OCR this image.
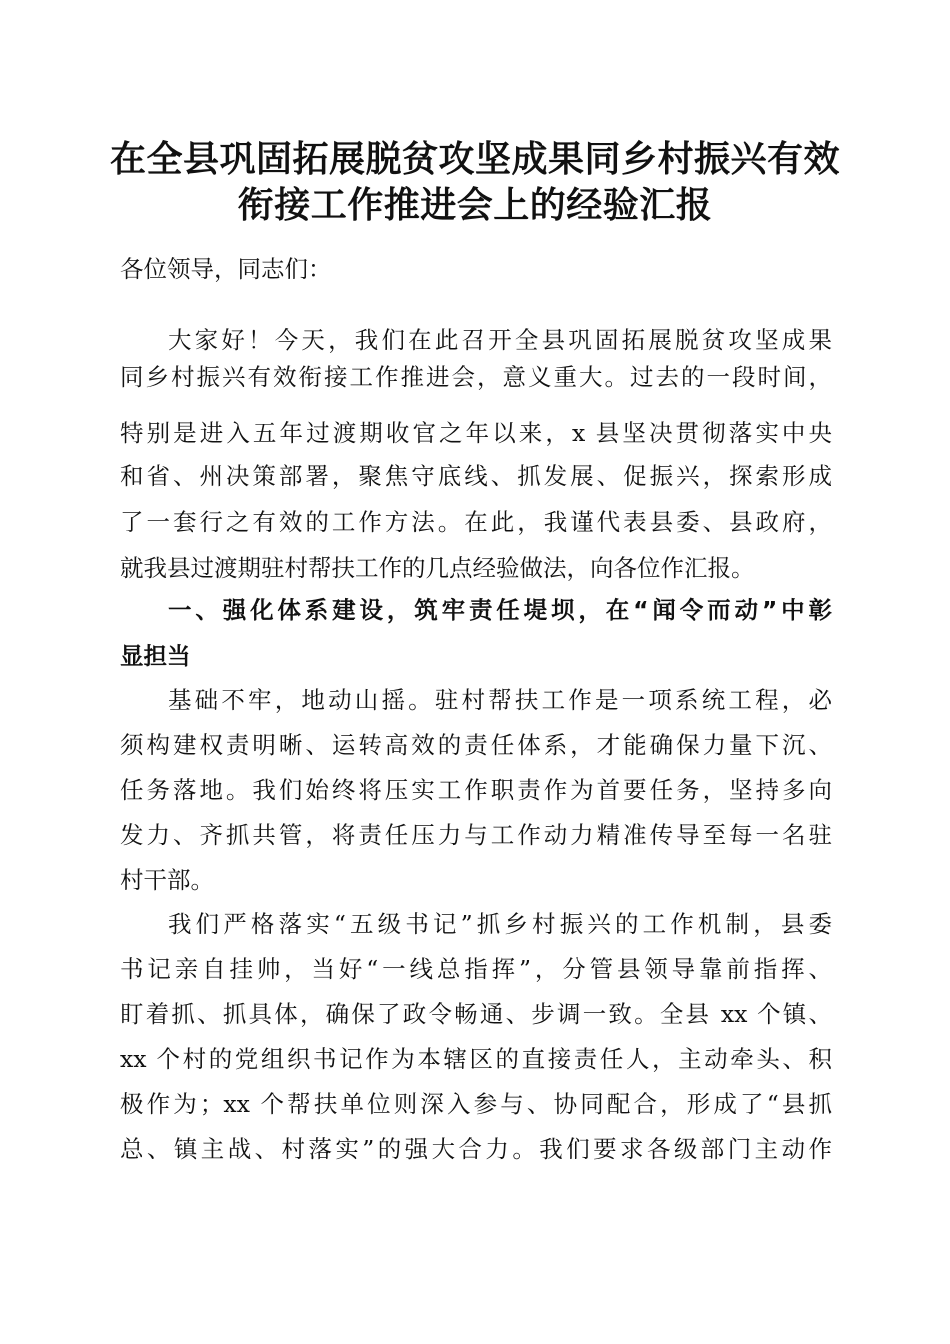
在全县巩固拓展脱贫攻坚成果同乡村振兴有效
衔接工作推进会上的经验汇报

各位领导，同志们：

大家好！今天，我们在此召开全县巩固拓展脱贫攻坚成果

同乡村振兴有效衔接工作推进会，意义重大。过去的一段时间，

特别是进入五年过渡期收官之年以来，x 县坚决贯彻落实中央

和省、州决策部署，聚焦守底线、抓发展、促振兴，探索形成

了一套行之有效的工作方法。在此，我谨代表县委、县政府，

就我县过渡期驻村帮扶工作的几点经验做法，向各位作汇报。

一、强化体系建设，筑牢责任堤坝，在“闻令而动”中彰

显担当

基础不牢，地动山摇。驻村帮扶工作是一项系统工程，必

须构建权责明晰、运转高效的责任体系，才能确保力量下沉、

任务落地。我们始终将压实工作职责作为首要任务，坚持多向

发力、齐抓共管，将责任压力与工作动力精准传导至每一名驻

村干部。

我们严格落实“五级书记”抓乡村振兴的工作机制，县委

书记亲自挂帅，当好“一线总指挥”，分管县领导靠前指挥、

盯着抓、抓具体，确保了政令畅通、步调一致。全县 xx 个镇、

xx 个村的党组织书记作为本辖区的直接责任人，主动牵头、积

极作为；xx 个帮扶单位则深入参与、协同配合，形成了“县抓

总、镇主战、村落实”的强大合力。我们要求各级部门主动作
